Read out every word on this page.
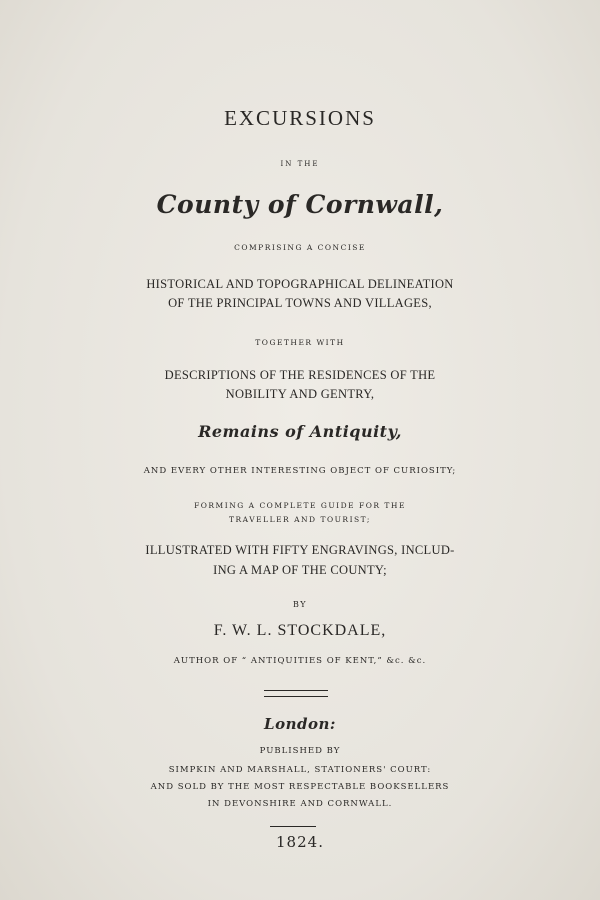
EXCURSIONS
IN THE
County of Cornwall,
COMPRISING A CONCISE
HISTORICAL AND TOPOGRAPHICAL DELINEATION
OF THE PRINCIPAL TOWNS AND VILLAGES,
TOGETHER WITH
DESCRIPTIONS OF THE RESIDENCES OF THE
NOBILITY AND GENTRY,
Remains of Antiquity,
AND EVERY OTHER INTERESTING OBJECT OF CURIOSITY;
FORMING A COMPLETE GUIDE FOR THE
TRAVELLER AND TOURIST;
ILLUSTRATED WITH FIFTY ENGRAVINGS, INCLUD-
ING A MAP OF THE COUNTY;
BY
F. W. L. STOCKDALE,
AUTHOR OF “ ANTIQUITIES OF KENT,” &c. &c.
London:
PUBLISHED BY
SIMPKIN AND MARSHALL, STATIONERS' COURT:
AND SOLD BY THE MOST RESPECTABLE BOOKSELLERS
IN DEVONSHIRE AND CORNWALL.
1824.
